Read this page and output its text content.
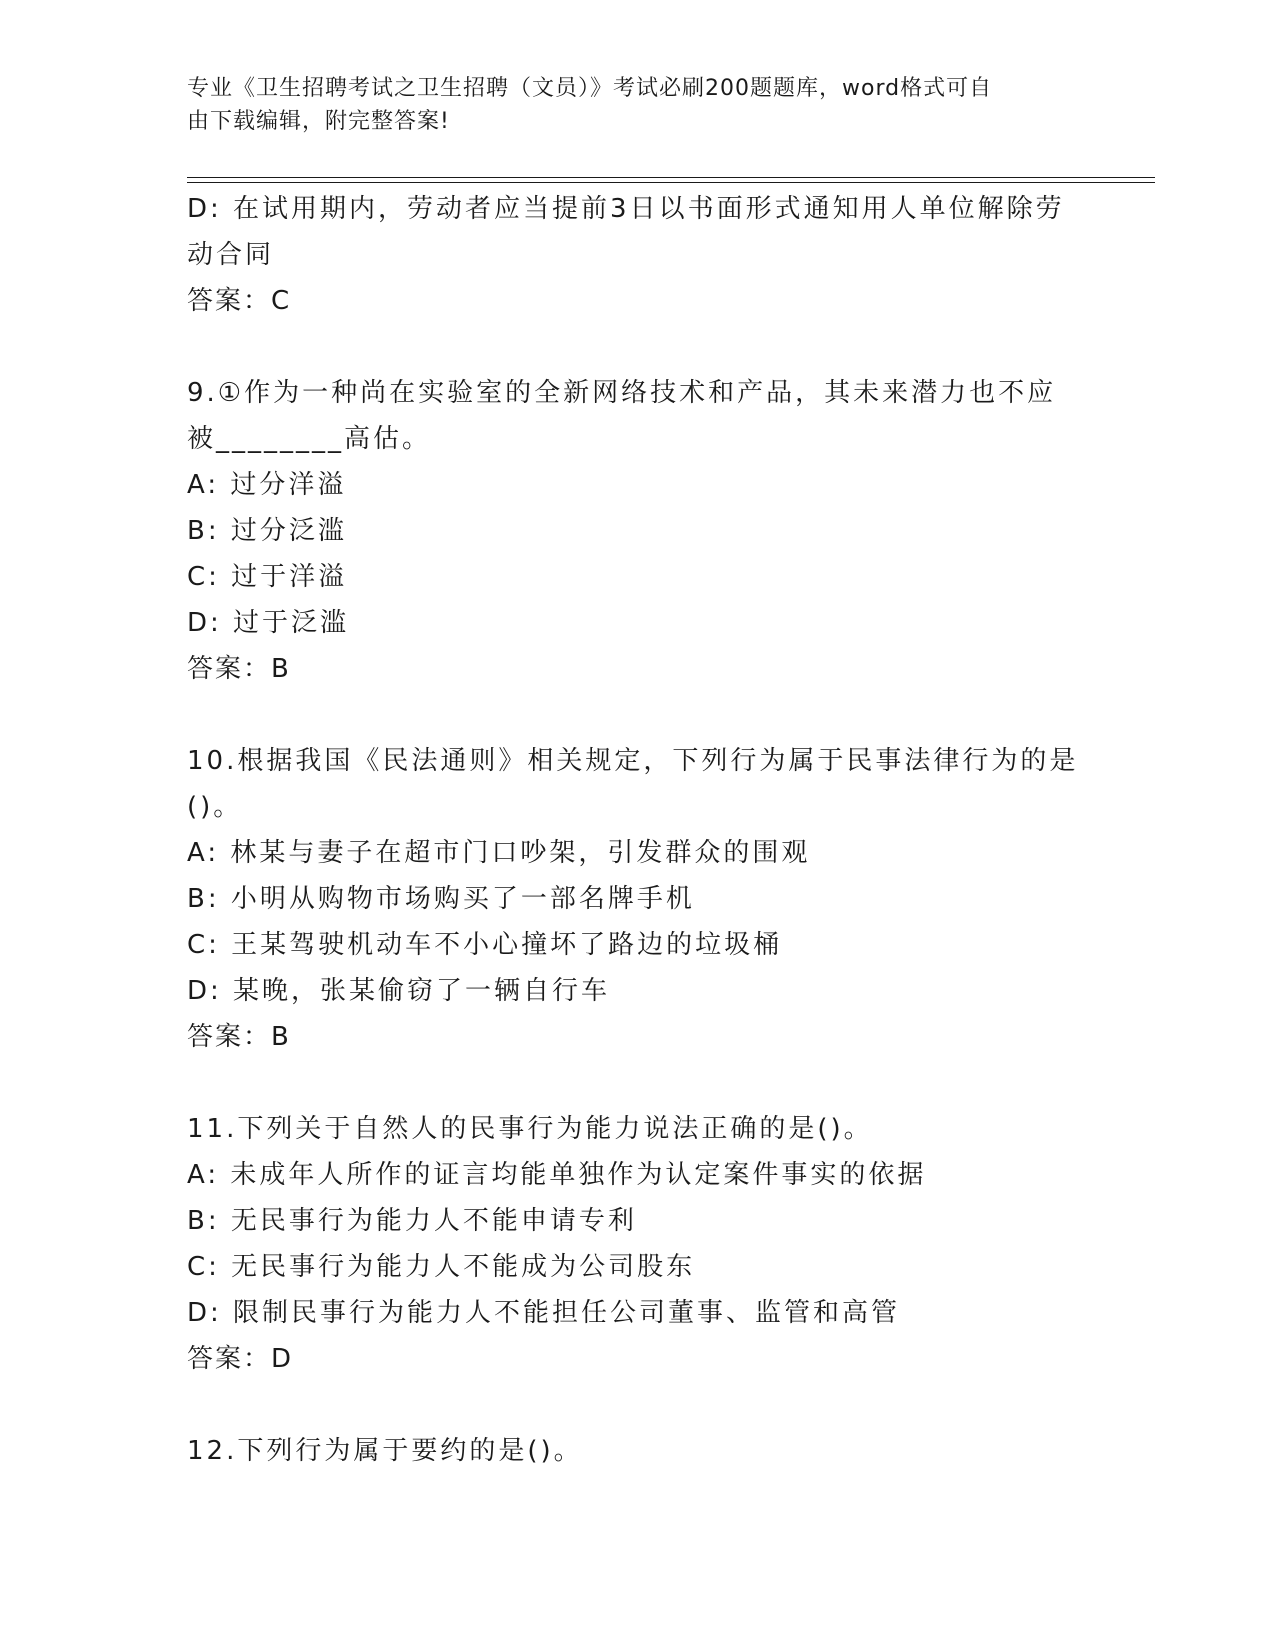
专业《卫生招聘考试之卫生招聘（文员）》考试必刷200题题库，word格式可自
由下载编辑，附完整答案!
D: 在试用期内，劳动者应当提前3日以书面形式通知用人单位解除劳
动合同
答案：C
9.①作为一种尚在实验室的全新网络技术和产品，其未来潜力也不应
被________高估。
A: 过分洋溢
B: 过分泛滥
C: 过于洋溢
D: 过于泛滥
答案：B
10.根据我国《民法通则》相关规定，下列行为属于民事法律行为的是
()。
A: 林某与妻子在超市门口吵架，引发群众的围观
B: 小明从购物市场购买了一部名牌手机
C: 王某驾驶机动车不小心撞坏了路边的垃圾桶
D: 某晚，张某偷窃了一辆自行车
答案：B
11.下列关于自然人的民事行为能力说法正确的是()。
A: 未成年人所作的证言均能单独作为认定案件事实的依据
B: 无民事行为能力人不能申请专利
C: 无民事行为能力人不能成为公司股东
D: 限制民事行为能力人不能担任公司董事、监管和高管
答案：D
12.下列行为属于要约的是()。
